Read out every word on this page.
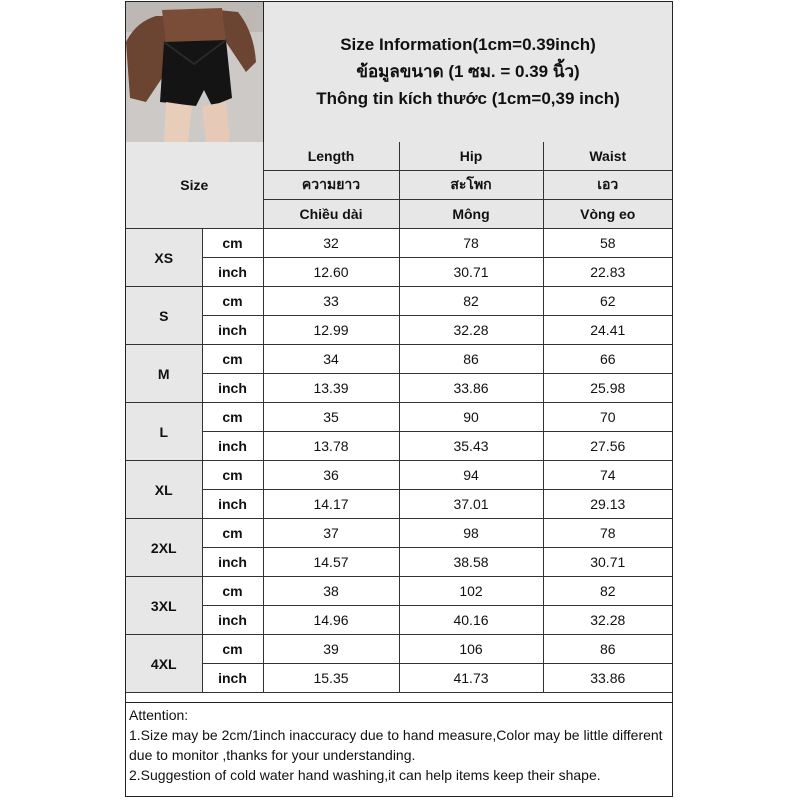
Size Information(1cm=0.39inch)
ข้อมูลขนาด (1 ซม. = 0.39 นิ้ว)
Thông tin kích thước (1cm=0,39 inch)
Size		Length	Hip	Waist
		ความยาว	สะโพก	เอว
		Chiều dài	Mông	Vòng eo
XS	cm	32	78	58
	inch	12.60	30.71	22.83
S	cm	33	82	62
	inch	12.99	32.28	24.41
M	cm	34	86	66
	inch	13.39	33.86	25.98
L	cm	35	90	70
	inch	13.78	35.43	27.56
XL	cm	36	94	74
	inch	14.17	37.01	29.13
2XL	cm	37	98	78
	inch	14.57	38.58	30.71
3XL	cm	38	102	82
	inch	14.96	40.16	32.28
4XL	cm	39	106	86
	inch	15.35	41.73	33.86
Attention:
1.Size may be 2cm/1inch inaccuracy due to hand measure,Color may be little different due to monitor ,thanks for your understanding.
2.Suggestion of cold water hand washing,it can help items keep their shape.
